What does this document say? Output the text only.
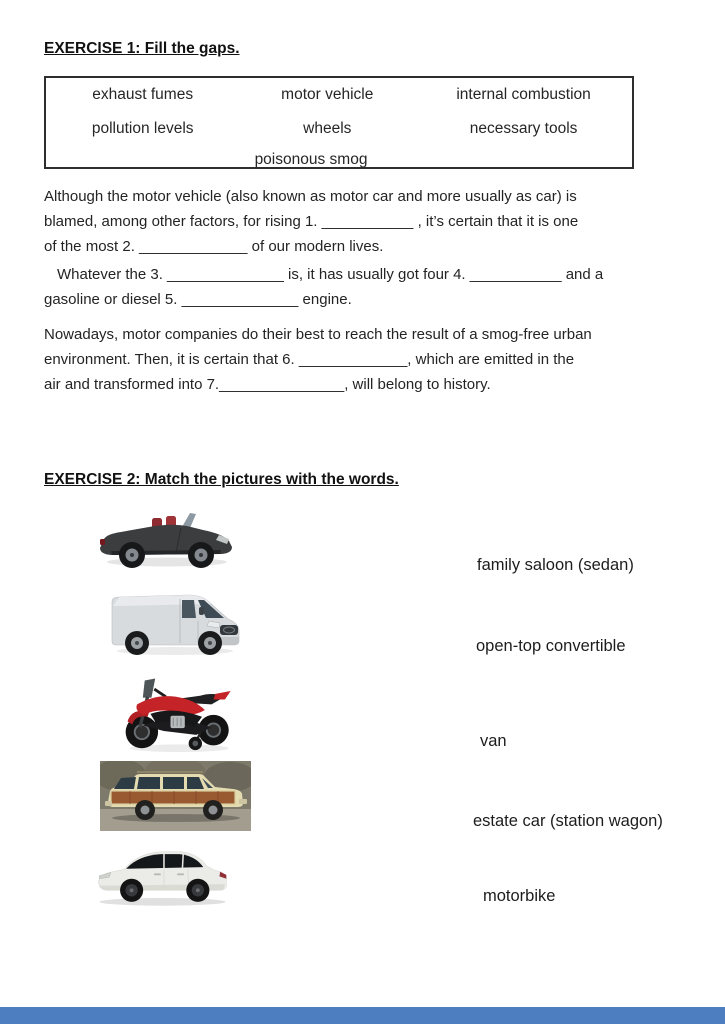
EXERCISE 1: Fill the gaps.
exhaust fumes	motor vehicle	internal combustion
pollution levels	wheels	necessary tools
poisonous smog
Although the motor vehicle (also known as motor car and more usually as car) is
blamed, among other factors, for rising 1. ___________ , it’s certain that it is one
of the most 2. _____________ of our modern lives.
Whatever the 3. ______________ is, it has usually got four 4. ___________ and a
gasoline or diesel 5. ______________ engine.
Nowadays, motor companies do their best to reach the result of a smog-free urban
environment. Then, it is certain that 6. _____________, which are emitted in the
air and transformed into 7._______________, will belong to history.
EXERCISE 2: Match the pictures with the words.
family saloon (sedan)
open-top convertible
van
estate car (station wagon)
motorbike
